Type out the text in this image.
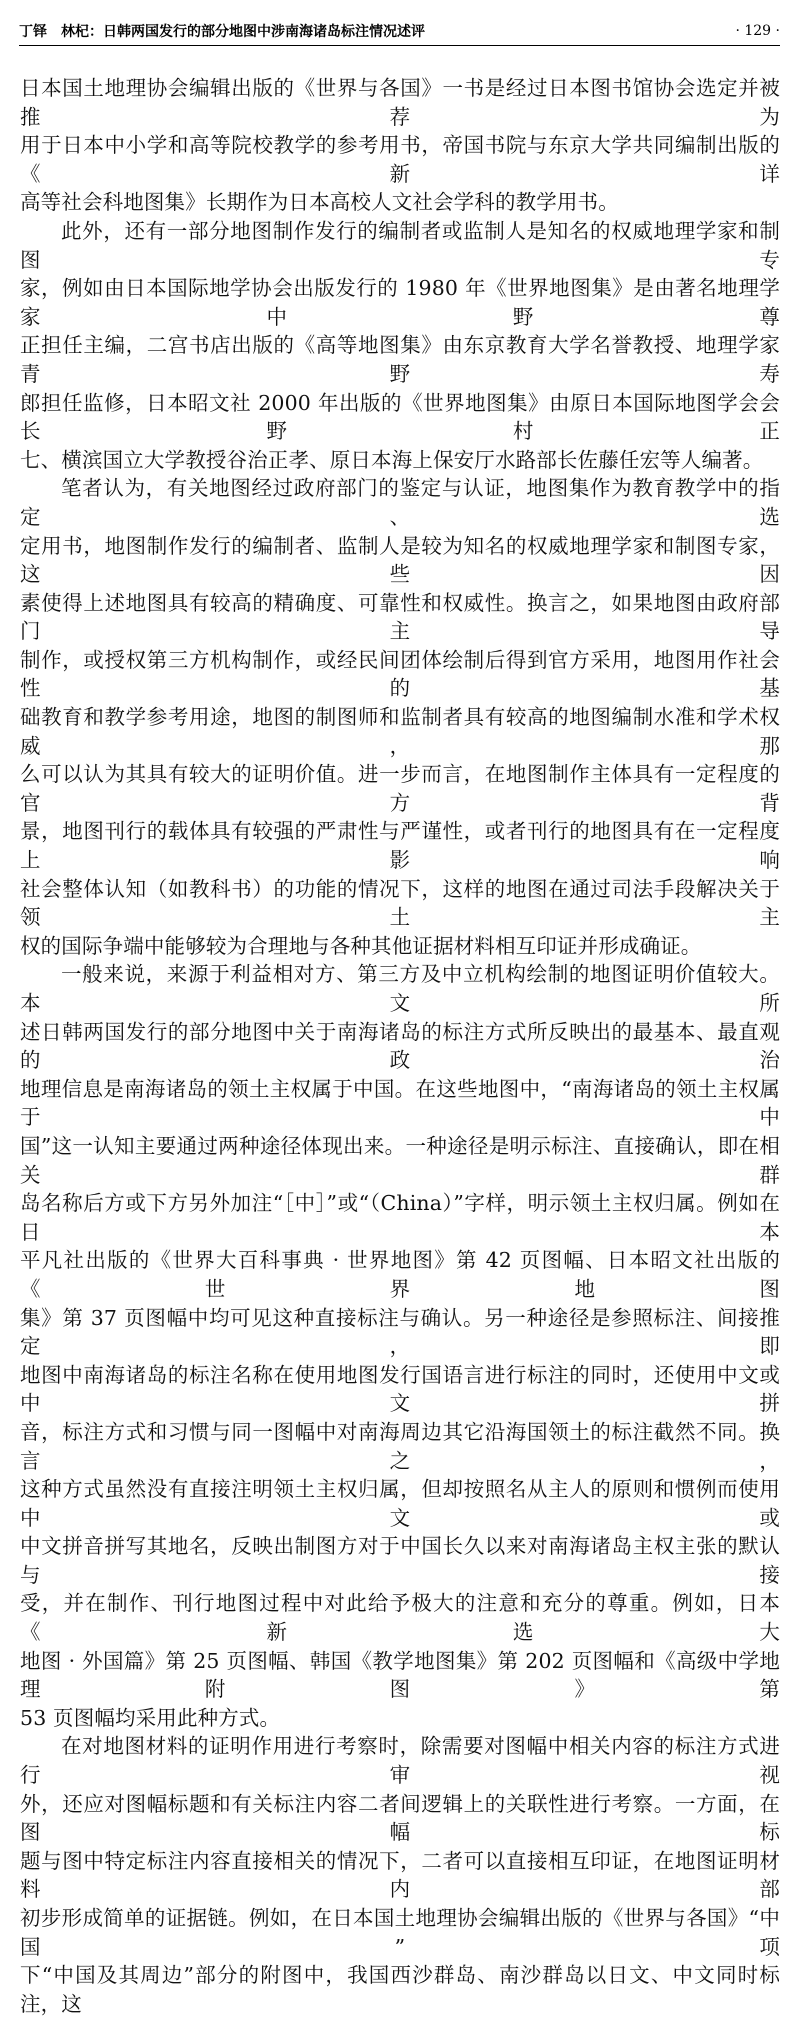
丁铎 林杞：日韩两国发行的部分地图中涉南海诸岛标注情况述评	· 129 ·

日本国土地理协会编辑出版的《世界与各国》一书是经过日本图书馆协会选定并被推荐为

用于日本中小学和高等院校教学的参考用书，帝国书院与东京大学共同编制出版的《新详

高等社会科地图集》长期作为日本高校人文社会学科的教学用书。

此外，还有一部分地图制作发行的编制者或监制人是知名的权威地理学家和制图专

家，例如由日本国际地学协会出版发行的 1980 年《世界地图集》是由著名地理学家中野尊

正担任主编，二宫书店出版的《高等地图集》由东京教育大学名誉教授、地理学家青野寿

郎担任监修，日本昭文社 2000 年出版的《世界地图集》由原日本国际地图学会会长野村正

七、横滨国立大学教授谷治正孝、原日本海上保安厅水路部长佐藤任宏等人编著。

笔者认为，有关地图经过政府部门的鉴定与认证，地图集作为教育教学中的指定、选

定用书，地图制作发行的编制者、监制人是较为知名的权威地理学家和制图专家，这些因

素使得上述地图具有较高的精确度、可靠性和权威性。换言之，如果地图由政府部门主导

制作，或授权第三方机构制作，或经民间团体绘制后得到官方采用，地图用作社会性的基

础教育和教学参考用途，地图的制图师和监制者具有较高的地图编制水准和学术权威，那

么可以认为其具有较大的证明价值。进一步而言，在地图制作主体具有一定程度的官方背

景，地图刊行的载体具有较强的严肃性与严谨性，或者刊行的地图具有在一定程度上影响

社会整体认知（如教科书）的功能的情况下，这样的地图在通过司法手段解决关于领土主

权的国际争端中能够较为合理地与各种其他证据材料相互印证并形成确证。

一般来说，来源于利益相对方、第三方及中立机构绘制的地图证明价值较大。本文所

述日韩两国发行的部分地图中关于南海诸岛的标注方式所反映出的最基本、最直观的政治

地理信息是南海诸岛的领土主权属于中国。在这些地图中，“南海诸岛的领土主权属于中

国”这一认知主要通过两种途径体现出来。一种途径是明示标注、直接确认，即在相关群

岛名称后方或下方另外加注“［中］”或“（China）”字样，明示领土主权归属。例如在日本

平凡社出版的《世界大百科事典 · 世界地图》第 42 页图幅、日本昭文社出版的《世界地图

集》第 37 页图幅中均可见这种直接标注与确认。另一种途径是参照标注、间接推定，即

地图中南海诸岛的标注名称在使用地图发行国语言进行标注的同时，还使用中文或中文拼

音，标注方式和习惯与同一图幅中对南海周边其它沿海国领土的标注截然不同。换言之，

这种方式虽然没有直接注明领土主权归属，但却按照名从主人的原则和惯例而使用中文或

中文拼音拼写其地名，反映出制图方对于中国长久以来对南海诸岛主权主张的默认与接

受，并在制作、刊行地图过程中对此给予极大的注意和充分的尊重。例如，日本《新选大

地图 · 外国篇》第 25 页图幅、韩国《教学地图集》第 202 页图幅和《高级中学地理附图》第

53 页图幅均采用此种方式。

在对地图材料的证明作用进行考察时，除需要对图幅中相关内容的标注方式进行审视

外，还应对图幅标题和有关标注内容二者间逻辑上的关联性进行考察。一方面，在图幅标

题与图中特定标注内容直接相关的情况下，二者可以直接相互印证，在地图证明材料内部

初步形成简单的证据链。例如，在日本国土地理协会编辑出版的《世界与各国》“中国”项

下“中国及其周边”部分的附图中，我国西沙群岛、南沙群岛以日文、中文同时标注，这
